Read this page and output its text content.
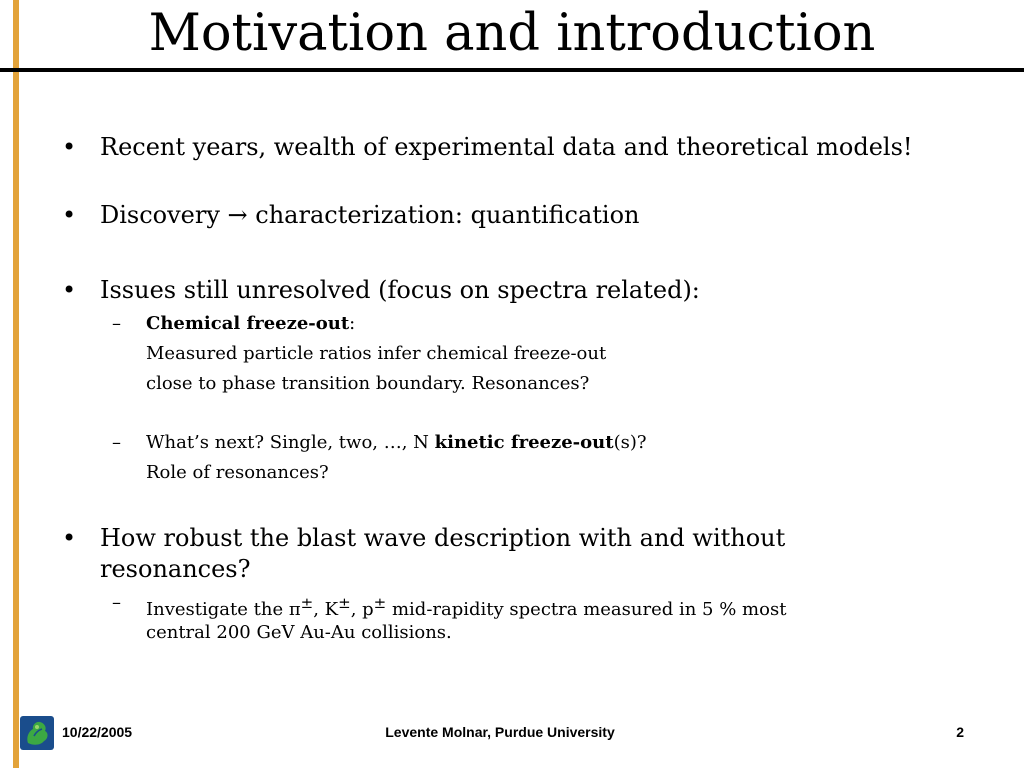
Motivation and introduction
• Recent years, wealth of experimental data and theoretical models!
• Discovery → characterization: quantification
• Issues still unresolved (focus on spectra related):
– Chemical freeze-out:
Measured particle ratios infer chemical freeze-out
close to phase transition boundary. Resonances?
– What’s next? Single, two, …, N kinetic freeze-out(s)?
Role of resonances?
• How robust the blast wave description with and without resonances?
– Investigate the π±, K±, p± mid-rapidity spectra measured in 5 % most
central 200 GeV Au-Au collisions.
10/22/2005	Levente Molnar, Purdue University	2
